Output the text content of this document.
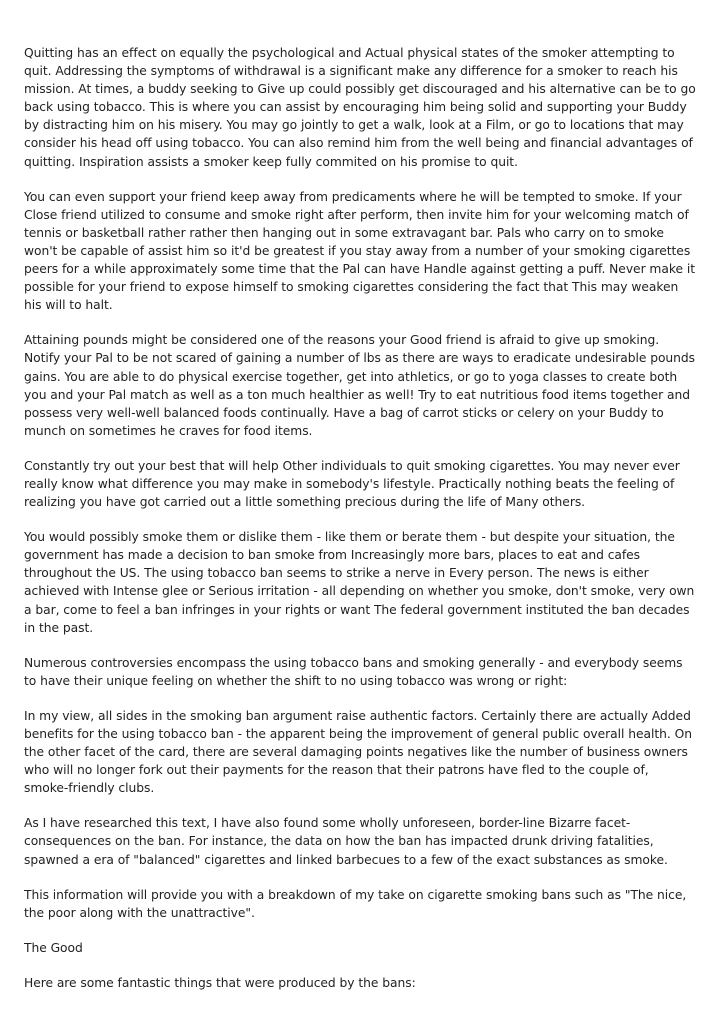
Quitting has an effect on equally the psychological and Actual physical states of the smoker attempting to quit. Addressing the symptoms of withdrawal is a significant make any difference for a smoker to reach his mission. At times, a buddy seeking to Give up could possibly get discouraged and his alternative can be to go back using tobacco. This is where you can assist by encouraging him being solid and supporting your Buddy by distracting him on his misery. You may go jointly to get a walk, look at a Film, or go to locations that may consider his head off using tobacco. You can also remind him from the well being and financial advantages of quitting. Inspiration assists a smoker keep fully commited on his promise to quit.

You can even support your friend keep away from predicaments where he will be tempted to smoke. If your Close friend utilized to consume and smoke right after perform, then invite him for your welcoming match of tennis or basketball rather rather then hanging out in some extravagant bar. Pals who carry on to smoke won't be capable of assist him so it'd be greatest if you stay away from a number of your smoking cigarettes peers for a while approximately some time that the Pal can have Handle against getting a puff. Never make it possible for your friend to expose himself to smoking cigarettes considering the fact that This may weaken his will to halt.

Attaining pounds might be considered one of the reasons your Good friend is afraid to give up smoking. Notify your Pal to be not scared of gaining a number of lbs as there are ways to eradicate undesirable pounds gains. You are able to do physical exercise together, get into athletics, or go to yoga classes to create both you and your Pal match as well as a ton much healthier as well! Try to eat nutritious food items together and possess very well-well balanced foods continually. Have a bag of carrot sticks or celery on your Buddy to munch on sometimes he craves for food items.

Constantly try out your best that will help Other individuals to quit smoking cigarettes. You may never ever really know what difference you may make in somebody's lifestyle. Practically nothing beats the feeling of realizing you have got carried out a little something precious during the life of Many others.

You would possibly smoke them or dislike them - like them or berate them - but despite your situation, the government has made a decision to ban smoke from Increasingly more bars, places to eat and cafes throughout the US. The using tobacco ban seems to strike a nerve in Every person. The news is either achieved with Intense glee or Serious irritation - all depending on whether you smoke, don't smoke, very own a bar, come to feel a ban infringes in your rights or want The federal government instituted the ban decades in the past.

Numerous controversies encompass the using tobacco bans and smoking generally - and everybody seems to have their unique feeling on whether the shift to no using tobacco was wrong or right:

In my view, all sides in the smoking ban argument raise authentic factors. Certainly there are actually Added benefits for the using tobacco ban - the apparent being the improvement of general public overall health. On the other facet of the card, there are several damaging points negatives like the number of business owners who will no longer fork out their payments for the reason that their patrons have fled to the couple of, smoke-friendly clubs.

As I have researched this text, I have also found some wholly unforeseen, border-line Bizarre facet-consequences on the ban. For instance, the data on how the ban has impacted drunk driving fatalities, spawned a era of "balanced" cigarettes and linked barbecues to a few of the exact substances as smoke.

This information will provide you with a breakdown of my take on cigarette smoking bans such as "The nice, the poor along with the unattractive".

The Good

Here are some fantastic things that were produced by the bans:
